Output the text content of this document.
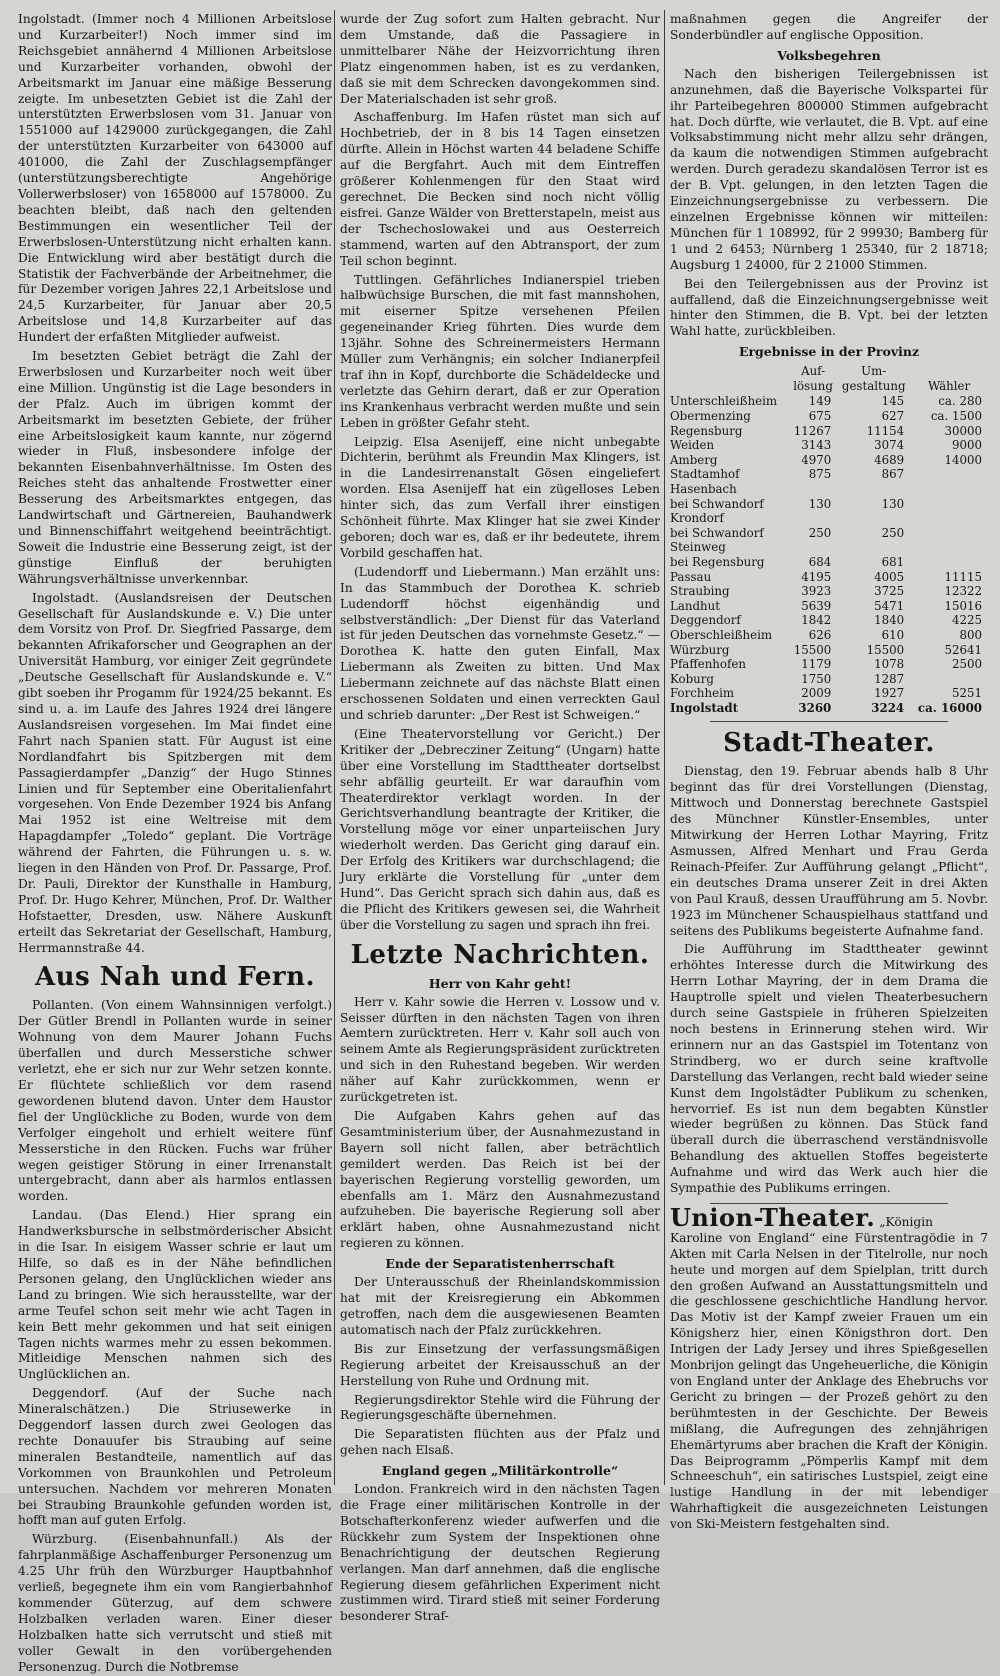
Ingolstadt. (Immer noch 4 Millionen Arbeitslose und Kurzarbeiter!) Noch immer sind im Reichsgebiet annähernd 4 Millionen Arbeitslose und Kurzarbeiter vorhanden, obwohl der Arbeitsmarkt im Januar eine mäßige Besserung zeigte. Im unbesetzten Gebiet ist die Zahl der unterstützten Erwerbslosen vom 31. Januar von 1551000 auf 1429000 zurückgegangen, die Zahl der unterstützten Kurzarbeiter von 643000 auf 401000, die Zahl der Zuschlagsempfänger (unterstützungsberechtigte Angehörige Vollerwerbsloser) von 1658000 auf 1578000. Zu beachten bleibt, daß nach den geltenden Bestimmungen ein wesentlicher Teil der Erwerbslosen-Unterstützung nicht erhalten kann. Die Entwicklung wird aber bestätigt durch die Statistik der Fachverbände der Arbeitnehmer, die für Dezember vorigen Jahres 22,1 Arbeitslose und 24,5 Kurzarbeiter, für Januar aber 20,5 Arbeitslose und 14,8 Kurzarbeiter auf das Hundert der erfaßten Mitglieder aufweist.

Im besetzten Gebiet beträgt die Zahl der Erwerbslosen und Kurzarbeiter noch weit über eine Million. Ungünstig ist die Lage besonders in der Pfalz. Auch im übrigen kommt der Arbeitsmarkt im besetzten Gebiete, der früher eine Arbeitslosigkeit kaum kannte, nur zögernd wieder in Fluß, insbesondere infolge der bekannten Eisenbahnverhältnisse. Im Osten des Reiches steht das anhaltende Frostwetter einer Besserung des Arbeitsmarktes entgegen, das Landwirtschaft und Gärtnereien, Bauhandwerk und Binnenschiffahrt weitgehend beeinträchtigt. Soweit die Industrie eine Besserung zeigt, ist der günstige Einfluß der beruhigten Währungsverhältnisse unverkennbar.

Ingolstadt. (Auslandsreisen der Deutschen Gesellschaft für Auslandskunde e. V.) Die unter dem Vorsitz von Prof. Dr. Siegfried Passarge, dem bekannten Afrikaforscher und Geographen an der Universität Hamburg, vor einiger Zeit gegründete „Deutsche Gesellschaft für Auslandskunde e. V.“ gibt soeben ihr Progamm für 1924/25 bekannt. Es sind u. a. im Laufe des Jahres 1924 drei längere Auslandsreisen vorgesehen. Im Mai findet eine Fahrt nach Spanien statt. Für August ist eine Nordlandfahrt bis Spitzbergen mit dem Passagierdampfer „Danzig“ der Hugo Stinnes Linien und für September eine Oberitalienfahrt vorgesehen. Von Ende Dezember 1924 bis Anfang Mai 1952 ist eine Weltreise mit dem Hapagdampfer „Toledo“ geplant. Die Vorträge während der Fahrten, die Führungen u. s. w. liegen in den Händen von Prof. Dr. Passarge, Prof. Dr. Pauli, Direktor der Kunsthalle in Hamburg, Prof. Dr. Hugo Kehrer, München, Prof. Dr. Walther Hofstaetter, Dresden, usw. Nähere Auskunft erteilt das Sekretariat der Gesellschaft, Hamburg, Herrmannstraße 44.

Aus Nah und Fern.

Pollanten. (Von einem Wahnsinnigen verfolgt.) Der Gütler Brendl in Pollanten wurde in seiner Wohnung von dem Maurer Johann Fuchs überfallen und durch Messerstiche schwer verletzt, ehe er sich nur zur Wehr setzen konnte. Er flüchtete schließlich vor dem rasend gewordenen blutend davon. Unter dem Haustor fiel der Unglückliche zu Boden, wurde von dem Verfolger eingeholt und erhielt weitere fünf Messerstiche in den Rücken. Fuchs war früher wegen geistiger Störung in einer Irrenanstalt untergebracht, dann aber als harmlos entlassen worden.

Landau. (Das Elend.) Hier sprang ein Handwerksbursche in selbstmörderischer Absicht in die Isar. In eisigem Wasser schrie er laut um Hilfe, so daß es in der Nähe befindlichen Personen gelang, den Unglücklichen wieder ans Land zu bringen. Wie sich herausstellte, war der arme Teufel schon seit mehr wie acht Tagen in kein Bett mehr gekommen und hat seit einigen Tagen nichts warmes mehr zu essen bekommen. Mitleidige Menschen nahmen sich des Unglücklichen an.

Deggendorf. (Auf der Suche nach Mineralschätzen.) Die Striusewerke in Deggendorf lassen durch zwei Geologen das rechte Donauufer bis Straubing auf seine mineralen Bestandteile, namentlich auf das Vorkommen von Braunkohlen und Petroleum untersuchen. Nachdem vor mehreren Monaten bei Straubing Braunkohle gefunden worden ist, hofft man auf guten Erfolg.

Würzburg. (Eisenbahnunfall.) Als der fahrplanmäßige Aschaffenburger Personenzug um 4.25 Uhr früh den Würzburger Hauptbahnhof verließ, begegnete ihm ein vom Rangierbahnhof kommender Güterzug, auf dem schwere Holzbalken verladen waren. Einer dieser Holzbalken hatte sich verrutscht und stieß mit voller Gewalt in den vorübergehenden Personenzug. Durch die Notbremse

wurde der Zug sofort zum Halten gebracht. Nur dem Umstande, daß die Passagiere in unmittelbarer Nähe der Heizvorrichtung ihren Platz eingenommen haben, ist es zu verdanken, daß sie mit dem Schrecken davongekommen sind. Der Materialschaden ist sehr groß.

Aschaffenburg. Im Hafen rüstet man sich auf Hochbetrieb, der in 8 bis 14 Tagen einsetzen dürfte. Allein in Höchst warten 44 beladene Schiffe auf die Bergfahrt. Auch mit dem Eintreffen größerer Kohlenmengen für den Staat wird gerechnet. Die Becken sind noch nicht völlig eisfrei. Ganze Wälder von Bretterstapeln, meist aus der Tschechoslowakei und aus Oesterreich stammend, warten auf den Abtransport, der zum Teil schon beginnt.

Tuttlingen. Gefährliches Indianerspiel trieben halbwüchsige Burschen, die mit fast mannshohen, mit eiserner Spitze versehenen Pfeilen gegeneinander Krieg führten. Dies wurde dem 13jähr. Sohne des Schreinermeisters Hermann Müller zum Verhängnis; ein solcher Indianerpfeil traf ihn in Kopf, durchborte die Schädeldecke und verletzte das Gehirn derart, daß er zur Operation ins Krankenhaus verbracht werden mußte und sein Leben in größter Gefahr steht.

Leipzig. Elsa Asenijeff, eine nicht unbegabte Dichterin, berühmt als Freundin Max Klingers, ist in die Landesirrenanstalt Gösen eingeliefert worden. Elsa Asenijeff hat ein zügelloses Leben hinter sich, das zum Verfall ihrer einstigen Schönheit führte. Max Klinger hat sie zwei Kinder geboren; doch war es, daß er ihr bedeutete, ihrem Vorbild geschaffen hat.

(Ludendorff und Liebermann.) Man erzählt uns: In das Stammbuch der Dorothea K. schrieb Ludendorff höchst eigenhändig und selbstverständlich: „Der Dienst für das Vaterland ist für jeden Deutschen das vornehmste Gesetz.“ — Dorothea K. hatte den guten Einfall, Max Liebermann als Zweiten zu bitten. Und Max Liebermann zeichnete auf das nächste Blatt einen erschossenen Soldaten und einen verreckten Gaul und schrieb darunter: „Der Rest ist Schweigen.“

(Eine Theatervorstellung vor Gericht.) Der Kritiker der „Debrecziner Zeitung“ (Ungarn) hatte über eine Vorstellung im Stadttheater dortselbst sehr abfällig geurteilt. Er war daraufhin vom Theaterdirektor verklagt worden. In der Gerichtsverhandlung beantragte der Kritiker, die Vorstellung möge vor einer unparteiischen Jury wiederholt werden. Das Gericht ging darauf ein. Der Erfolg des Kritikers war durchschlagend; die Jury erklärte die Vorstellung für „unter dem Hund“. Das Gericht sprach sich dahin aus, daß es die Pflicht des Kritikers gewesen sei, die Wahrheit über die Vorstellung zu sagen und sprach ihn frei.

Letzte Nachrichten.
Herr von Kahr geht!

Herr v. Kahr sowie die Herren v. Lossow und v. Seisser dürften in den nächsten Tagen von ihren Aemtern zurücktreten. Herr v. Kahr soll auch von seinem Amte als Regierungspräsident zurücktreten und sich in den Ruhestand begeben. Wir werden näher auf Kahr zurückkommen, wenn er zurückgetreten ist.

Die Aufgaben Kahrs gehen auf das Gesamtministerium über, der Ausnahmezustand in Bayern soll nicht fallen, aber beträchtlich gemildert werden. Das Reich ist bei der bayerischen Regierung vorstellig geworden, um ebenfalls am 1. März den Ausnahmezustand aufzuheben. Die bayerische Regierung soll aber erklärt haben, ohne Ausnahmezustand nicht regieren zu können.

Ende der Separatistenherrschaft

Der Unterausschuß der Rheinlandskommission hat mit der Kreisregierung ein Abkommen getroffen, nach dem die ausgewiesenen Beamten automatisch nach der Pfalz zurückkehren.

Bis zur Einsetzung der verfassungsmäßigen Regierung arbeitet der Kreisausschuß an der Herstellung von Ruhe und Ordnung mit.

Regierungsdirektor Stehle wird die Führung der Regierungsgeschäfte übernehmen.

Die Separatisten flüchten aus der Pfalz und gehen nach Elsaß.

England gegen „Militärkontrolle“

London. Frankreich wird in den nächsten Tagen die Frage einer militärischen Kontrolle in der Botschafterkonferenz wieder aufwerfen und die Rückkehr zum System der Inspektionen ohne Benachrichtigung der deutschen Regierung verlangen. Man darf annehmen, daß die englische Regierung diesem gefährlichen Experiment nicht zustimmen wird. Tirard stieß mit seiner Forderung besonderer Straf-

maßnahmen gegen die Angreifer der Sonderbündler auf englische Opposition.

Volksbegehren

Nach den bisherigen Teilergebnissen ist anzunehmen, daß die Bayerische Volkspartei für ihr Parteibegehren 800000 Stimmen aufgebracht hat. Doch dürfte, wie verlautet, die B. Vpt. auf eine Volksabstimmung nicht mehr allzu sehr drängen, da kaum die notwendigen Stimmen aufgebracht werden. Durch geradezu skandalösen Terror ist es der B. Vpt. gelungen, in den letzten Tagen die Einzeichnungsergebnisse zu verbessern. Die einzelnen Ergebnisse können wir mitteilen: München für 1 108992, für 2 99930; Bamberg für 1 und 2 6453; Nürnberg 1 25340, für 2 18718; Augsburg 1 24000, für 2 21000 Stimmen.

Bei den Teilergebnissen aus der Provinz ist auffallend, daß die Einzeichnungsergebnisse weit hinter den Stimmen, die B. Vpt. bei der letzten Wahl hatte, zurückbleiben.

Ergebnisse in der Provinz
	Auf-
lösung	Um-
gestaltung	Wähler
Unterschleißheim	149	145	ca. 280
Obermenzing	675	627	ca. 1500
Regensburg	11267	11154	30000
Weiden	3143	3074	9000
Amberg	4970	4689	14000
Stadtamhof	875	867	
Hasenbach			
bei Schwandorf	130	130	
Krondorf			
bei Schwandorf	250	250	
Steinweg			
bei Regensburg	684	681	
Passau	4195	4005	11115
Straubing	3923	3725	12322
Landhut	5639	5471	15016
Deggendorf	1842	1840	4225
Oberschleißheim	626	610	800
Würzburg	15500	15500	52641
Pfaffenhofen	1179	1078	2500
Koburg	1750	1287	
Forchheim	2009	1927	5251
Ingolstadt	3260	3224	ca. 16000
Stadt-Theater.

Dienstag, den 19. Februar abends halb 8 Uhr beginnt das für drei Vorstellungen (Dienstag, Mittwoch und Donnerstag berechnete Gastspiel des Münchner Künstler-Ensembles, unter Mitwirkung der Herren Lothar Mayring, Fritz Asmussen, Alfred Menhart und Frau Gerda Reinach-Pfeifer. Zur Aufführung gelangt „Pflicht“, ein deutsches Drama unserer Zeit in drei Akten von Paul Krauß, dessen Uraufführung am 5. Novbr. 1923 im Münchener Schauspielhaus stattfand und seitens des Publikums begeisterte Aufnahme fand.

Die Aufführung im Stadttheater gewinnt erhöhtes Interesse durch die Mitwirkung des Herrn Lothar Mayring, der in dem Drama die Hauptrolle spielt und vielen Theaterbesuchern durch seine Gastspiele in früheren Spielzeiten noch bestens in Erinnerung stehen wird. Wir erinnern nur an das Gastspiel im Totentanz von Strindberg, wo er durch seine kraftvolle Darstellung das Verlangen, recht bald wieder seine Kunst dem Ingolstädter Publikum zu schenken, hervorrief. Es ist nun dem begabten Künstler wieder begrüßen zu können. Das Stück fand überall durch die überraschend verständnisvolle Behandlung des aktuellen Stoffes begeisterte Aufnahme und wird das Werk auch hier die Sympathie des Publikums erringen.

Union-Theater. „Königin Karoline von England“ eine Fürstentragödie in 7 Akten mit Carla Nelsen in der Titelrolle, nur noch heute und morgen auf dem Spielplan, tritt durch den großen Aufwand an Ausstattungsmitteln und die geschlossene geschichtliche Handlung hervor. Das Motiv ist der Kampf zweier Frauen um ein Königsherz hier, einen Königsthron dort. Den Intrigen der Lady Jersey und ihres Spießgesellen Monbrijon gelingt das Ungeheuerliche, die Königin von England unter der Anklage des Ehebruchs vor Gericht zu bringen — der Prozeß gehört zu den berühmtesten in der Geschichte. Der Beweis mißlang, die Aufregungen des zehnjährigen Ehemärtyrums aber brachen die Kraft der Königin. Das Beiprogramm „Pömperlis Kampf mit dem Schneeschuh“, ein satirisches Lustspiel, zeigt eine lustige Handlung in der mit lebendiger Wahrhaftigkeit die ausgezeichneten Leistungen von Ski-Meistern festgehalten sind.
